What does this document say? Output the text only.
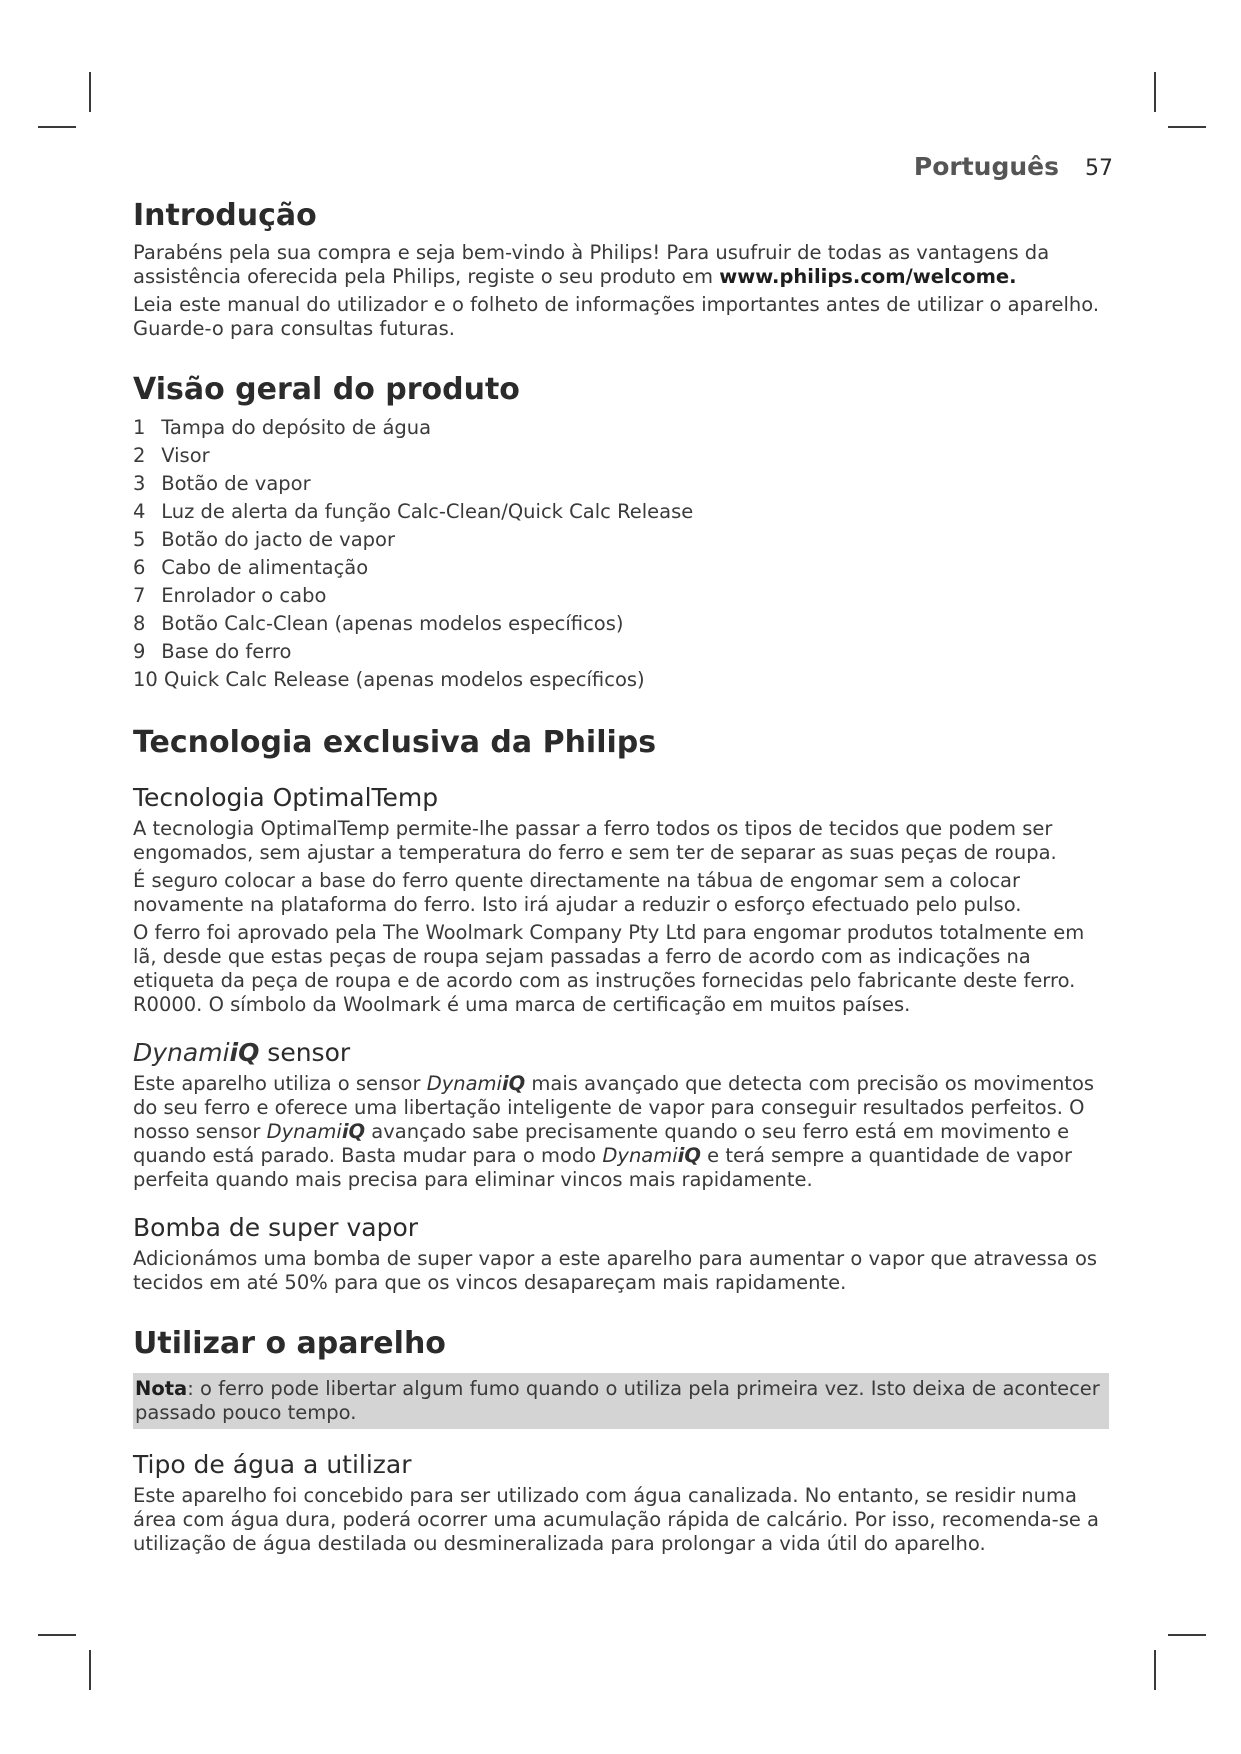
Português 57
Introdução

Parabéns pela sua compra e seja bem-vindo à Philips! Para usufruir de todas as vantagens da assistência oferecida pela Philips, registe o seu produto em www.philips.com/welcome.

Leia este manual do utilizador e o folheto de informações importantes antes de utilizar o aparelho. Guarde-o para consultas futuras.

Visão geral do produto
1 Tampa do depósito de água
2 Visor
3 Botão de vapor
4 Luz de alerta da função Calc-Clean/Quick Calc Release
5 Botão do jacto de vapor
6 Cabo de alimentação
7 Enrolador o cabo
8 Botão Calc-Clean (apenas modelos específicos)
9 Base do ferro
10 Quick Calc Release (apenas modelos específicos)
Tecnologia exclusiva da Philips
Tecnologia OptimalTemp

A tecnologia OptimalTemp permite-lhe passar a ferro todos os tipos de tecidos que podem ser engomados, sem ajustar a temperatura do ferro e sem ter de separar as suas peças de roupa.

É seguro colocar a base do ferro quente directamente na tábua de engomar sem a colocar novamente na plataforma do ferro. Isto irá ajudar a reduzir o esforço efectuado pelo pulso.

O ferro foi aprovado pela The Woolmark Company Pty Ltd para engomar produtos totalmente em lã, desde que estas peças de roupa sejam passadas a ferro de acordo com as indicações na etiqueta da peça de roupa e de acordo com as instruções fornecidas pelo fabricante deste ferro. R0000. O símbolo da Woolmark é uma marca de certificação em muitos países.

DynamiiQ sensor

Este aparelho utiliza o sensor DynamiiQ mais avançado que detecta com precisão os movimentos do seu ferro e oferece uma libertação inteligente de vapor para conseguir resultados perfeitos. O nosso sensor DynamiiQ avançado sabe precisamente quando o seu ferro está em movimento e quando está parado. Basta mudar para o modo DynamiiQ e terá sempre a quantidade de vapor perfeita quando mais precisa para eliminar vincos mais rapidamente.

Bomba de super vapor

Adicionámos uma bomba de super vapor a este aparelho para aumentar o vapor que atravessa os tecidos em até 50% para que os vincos desapareçam mais rapidamente.

Utilizar o aparelho

Nota: o ferro pode libertar algum fumo quando o utiliza pela primeira vez. Isto deixa de acontecer passado pouco tempo.

Tipo de água a utilizar

Este aparelho foi concebido para ser utilizado com água canalizada. No entanto, se residir numa área com água dura, poderá ocorrer uma acumulação rápida de calcário. Por isso, recomenda-se a utilização de água destilada ou desmineralizada para prolongar a vida útil do aparelho.
